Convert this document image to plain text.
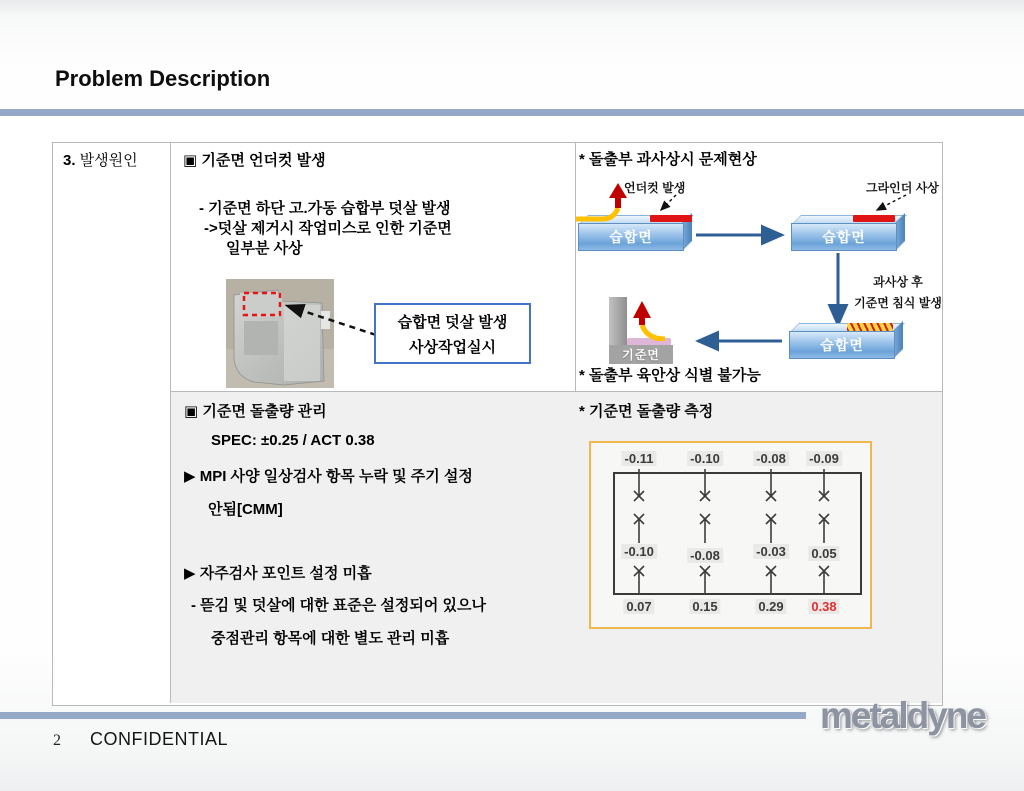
Problem Description
3. 발생원인	▣ 기준면 언더컷 발생
- 기준면 하단 고.가동 습합부 덧살 발생
->덧살 제거시 작업미스로 인한 기준면
일부분 사상
습합면 덧살 발생
사상작업실시
* 돌출부 과사상시 문제현상
언더컷 발생	그라인더 사상
습합면	습합면
과사상 후
기준면 침식 발생
습합면
기준면
* 돌출부 육안상 식별 불가능
▣ 기준면 돌출량 관리
SPEC: ±0.25 / ACT 0.38
▶ MPI 사양 일상검사 항목 누락 및 주기 설정
안됨[CMM]
▶ 자주검사 포인트 설정 미흡
- 뜯김 및 덧살에 대한 표준은 설정되어 있으나
중점관리 항목에 대한 별도 관리 미흡
* 기준면 돌출량 측정
-0.11	-0.10	-0.08 -0.09
-0.10	-0.08	-0.03 0.05
0.07	0.15	0.29 0.38
2 CONFIDENTIAL
metaldyne
